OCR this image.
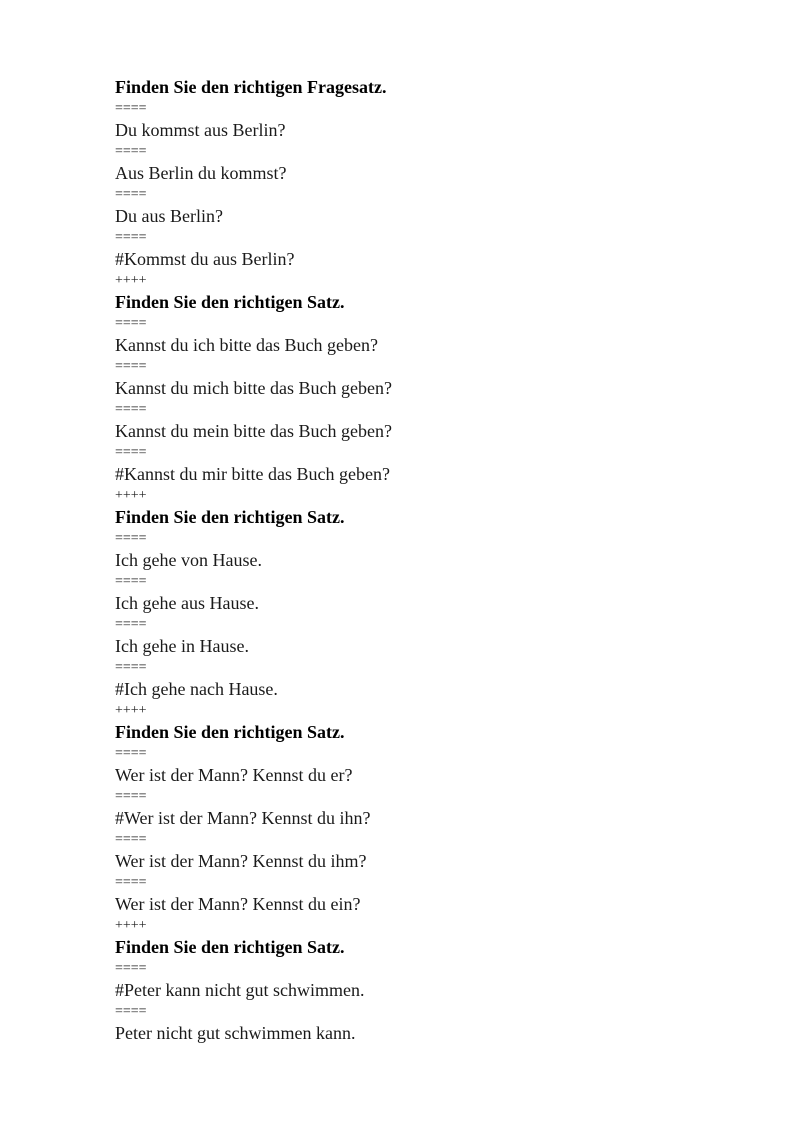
Finden Sie den richtigen Fragesatz.
====
Du kommst aus Berlin?
====
Aus Berlin du kommst?
====
Du aus Berlin?
====
#Kommst du aus Berlin?
++++
Finden Sie den richtigen Satz.
====
Kannst du ich bitte das Buch geben?
====
Kannst du mich bitte das Buch geben?
====
Kannst du mein bitte das Buch geben?
====
#Kannst du mir bitte das Buch geben?
++++
Finden Sie den richtigen Satz.
====
Ich gehe von Hause.
====
Ich gehe aus Hause.
====
Ich gehe in Hause.
====
#Ich gehe nach Hause.
++++
Finden Sie den richtigen Satz.
====
Wer ist der Mann? Kennst du er?
====
#Wer ist der Mann? Kennst du ihn?
====
Wer ist der Mann? Kennst du ihm?
====
Wer ist der Mann? Kennst du ein?
++++
Finden Sie den richtigen Satz.
====
#Peter kann nicht gut schwimmen.
====
Peter nicht gut schwimmen kann.
